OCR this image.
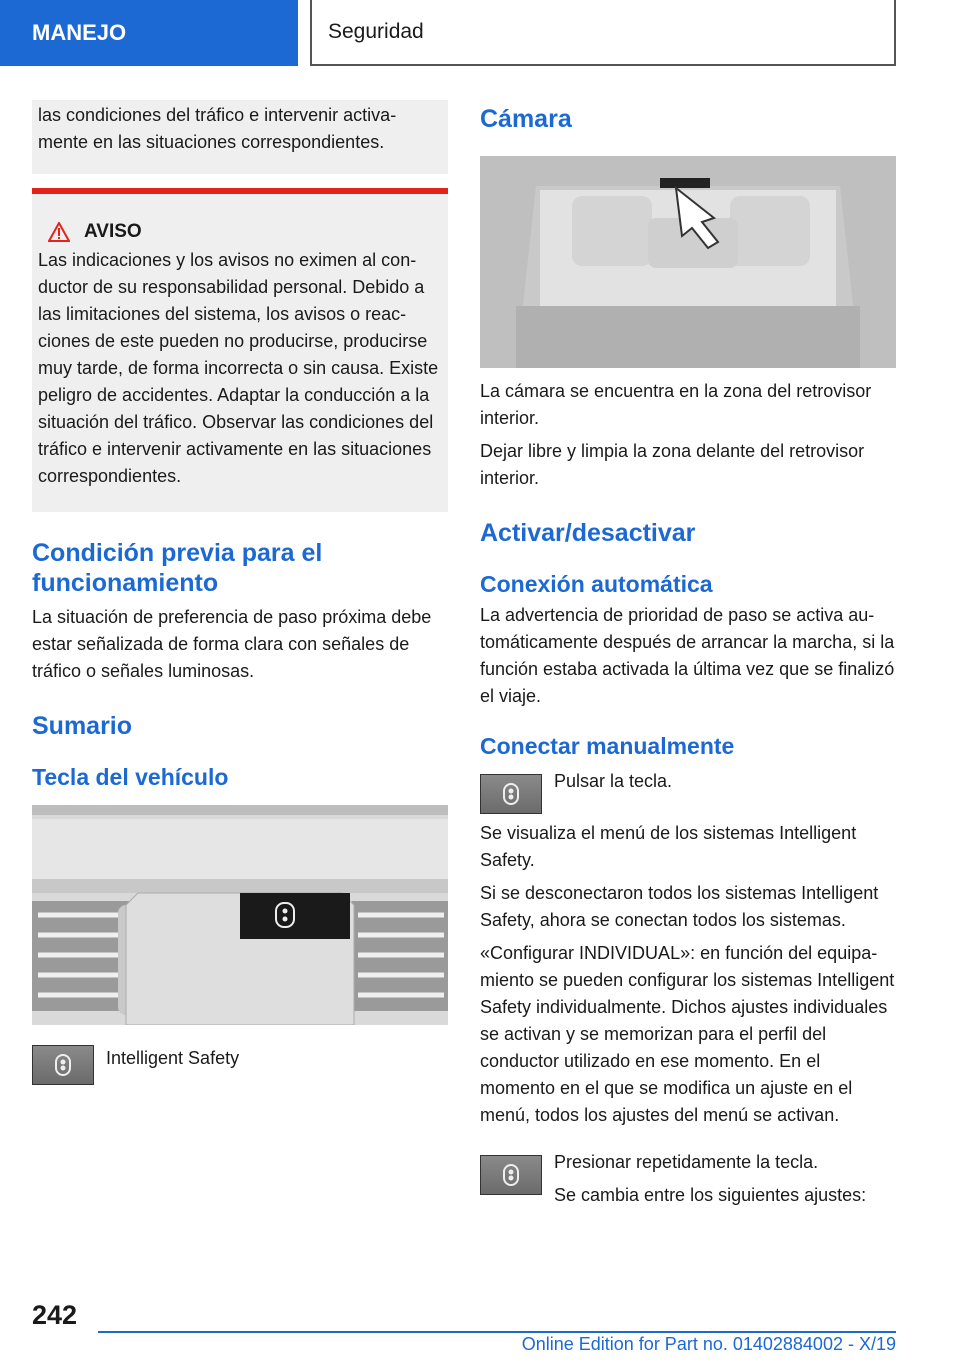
MANEJO	Seguridad

las condiciones del tráfico e intervenir activamente en las situaciones correspondientes.

AVISO

Las indicaciones y los avisos no eximen al conductor de su responsabilidad personal. Debido a las limitaciones del sistema, los avisos o reacciones de este pueden no producirse, producirse muy tarde, de forma incorrecta o sin causa. Existe peligro de accidentes. Adaptar la conducción a la situación del tráfico. Observar las condiciones del tráfico e intervenir activamente en las situaciones correspondientes.

Condición previa para el funcionamiento

La situación de preferencia de paso próxima debe estar señalizada de forma clara con señales de tráfico o señales luminosas.

Sumario
Tecla del vehículo

Intelligent Safety

Cámara

La cámara se encuentra en la zona del retrovisor interior.

Dejar libre y limpia la zona delante del retrovisor interior.

Activar/desactivar
Conexión automática

La advertencia de prioridad de paso se activa automáticamente después de arrancar la marcha, si la función estaba activada la última vez que se finalizó el viaje.

Conectar manualmente

Pulsar la tecla.

Se visualiza el menú de los sistemas Intelligent Safety.

Si se desconectaron todos los sistemas Intelligent Safety, ahora se conectan todos los sistemas.

«Configurar INDIVIDUAL»: en función del equipamiento se pueden configurar los sistemas Intelligent Safety individualmente. Dichos ajustes individuales se activan y se memorizan para el perfil del conductor utilizado en ese momento. En el momento en el que se modifica un ajuste en el menú, todos los ajustes del menú se activan.

Presionar repetidamente la tecla.

Se cambia entre los siguientes ajustes:

242
Online Edition for Part no. 01402884002 - X/19
